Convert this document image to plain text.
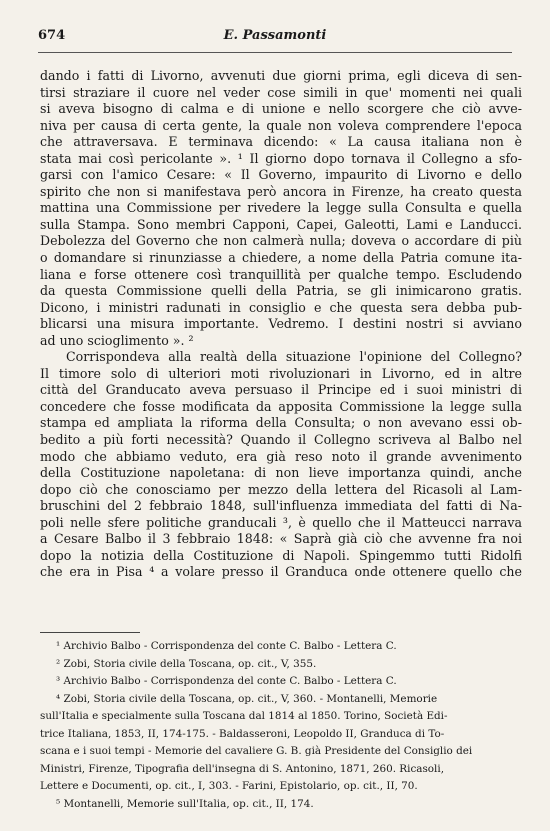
674	E. Passamonti

dando i fatti di Livorno, avvenuti due giorni prima, egli diceva di sen-

tirsi straziare il cuore nel veder cose simili in que' momenti nei quali

si aveva bisogno di calma e di unione e nello scorgere che ciò avve-

niva per causa di certa gente, la quale non voleva comprendere l'epoca

che attraversava. E terminava dicendo: « La causa italiana non è

stata mai così pericolante ». ¹ Il giorno dopo tornava il Collegno a sfo-

garsi con l'amico Cesare: « Il Governo, impaurito di Livorno e dello

spirito che non si manifestava però ancora in Firenze, ha creato questa

mattina una Commissione per rivedere la legge sulla Consulta e quella

sulla Stampa. Sono membri Capponi, Capei, Galeotti, Lami e Landucci.

Debolezza del Governo che non calmerà nulla; doveva o accordare di più

o domandare si rinunziasse a chiedere, a nome della Patria comune ita-

liana e forse ottenere così tranquillità per qualche tempo. Escludendo

da questa Commissione quelli della Patria, se gli inimicarono gratis.

Dicono, i ministri radunati in consiglio e che questa sera debba pub-

blicarsi una misura importante. Vedremo. I destini nostri si avviano

ad uno scioglimento ». ²

Corrispondeva alla realtà della situazione l'opinione del Collegno?

Il timore solo di ulteriori moti rivoluzionari in Livorno, ed in altre

città del Granducato aveva persuaso il Principe ed i suoi ministri di

concedere che fosse modificata da apposita Commissione la legge sulla

stampa ed ampliata la riforma della Consulta; o non avevano essi ob-

bedito a più forti necessità? Quando il Collegno scriveva al Balbo nel

modo che abbiamo veduto, era già reso noto il grande avvenimento

della Costituzione napoletana: di non lieve importanza quindi, anche

dopo ciò che conosciamo per mezzo della lettera del Ricasoli al Lam-

bruschini del 2 febbraio 1848, sull'influenza immediata del fatti di Na-

poli nelle sfere politiche granducali ³, è quello che il Matteucci narrava

a Cesare Balbo il 3 febbraio 1848: « Saprà già ciò che avvenne fra noi

dopo la notizia della Costituzione di Napoli. Spingemmo tutti Ridolfi

che era in Pisa ⁴ a volare presso il Granduca onde ottenere quello che

¹ Archivio Balbo - Corrispondenza del conte C. Balbo - Lettera C.
² Zobi, Storia civile della Toscana, op. cit., V, 355.
³ Archivio Balbo - Corrispondenza del conte C. Balbo - Lettera C.
⁴ Zobi, Storia civile della Toscana, op. cit., V, 360. - Montanelli, Memorie
sull'Italia e specialmente sulla Toscana dal 1814 al 1850. Torino, Società Edi-
trice Italiana, 1853, II, 174-175. - Baldasseroni, Leopoldo II, Granduca di To-
scana e i suoi tempi - Memorie del cavaliere G. B. già Presidente del Consiglio dei
Ministri, Firenze, Tipografia dell'insegna di S. Antonino, 1871, 260. Ricasoli,
Lettere e Documenti, op. cit., I, 303. - Farini, Epistolario, op. cit., II, 70.
⁵ Montanelli, Memorie sull'Italia, op. cit., II, 174.
